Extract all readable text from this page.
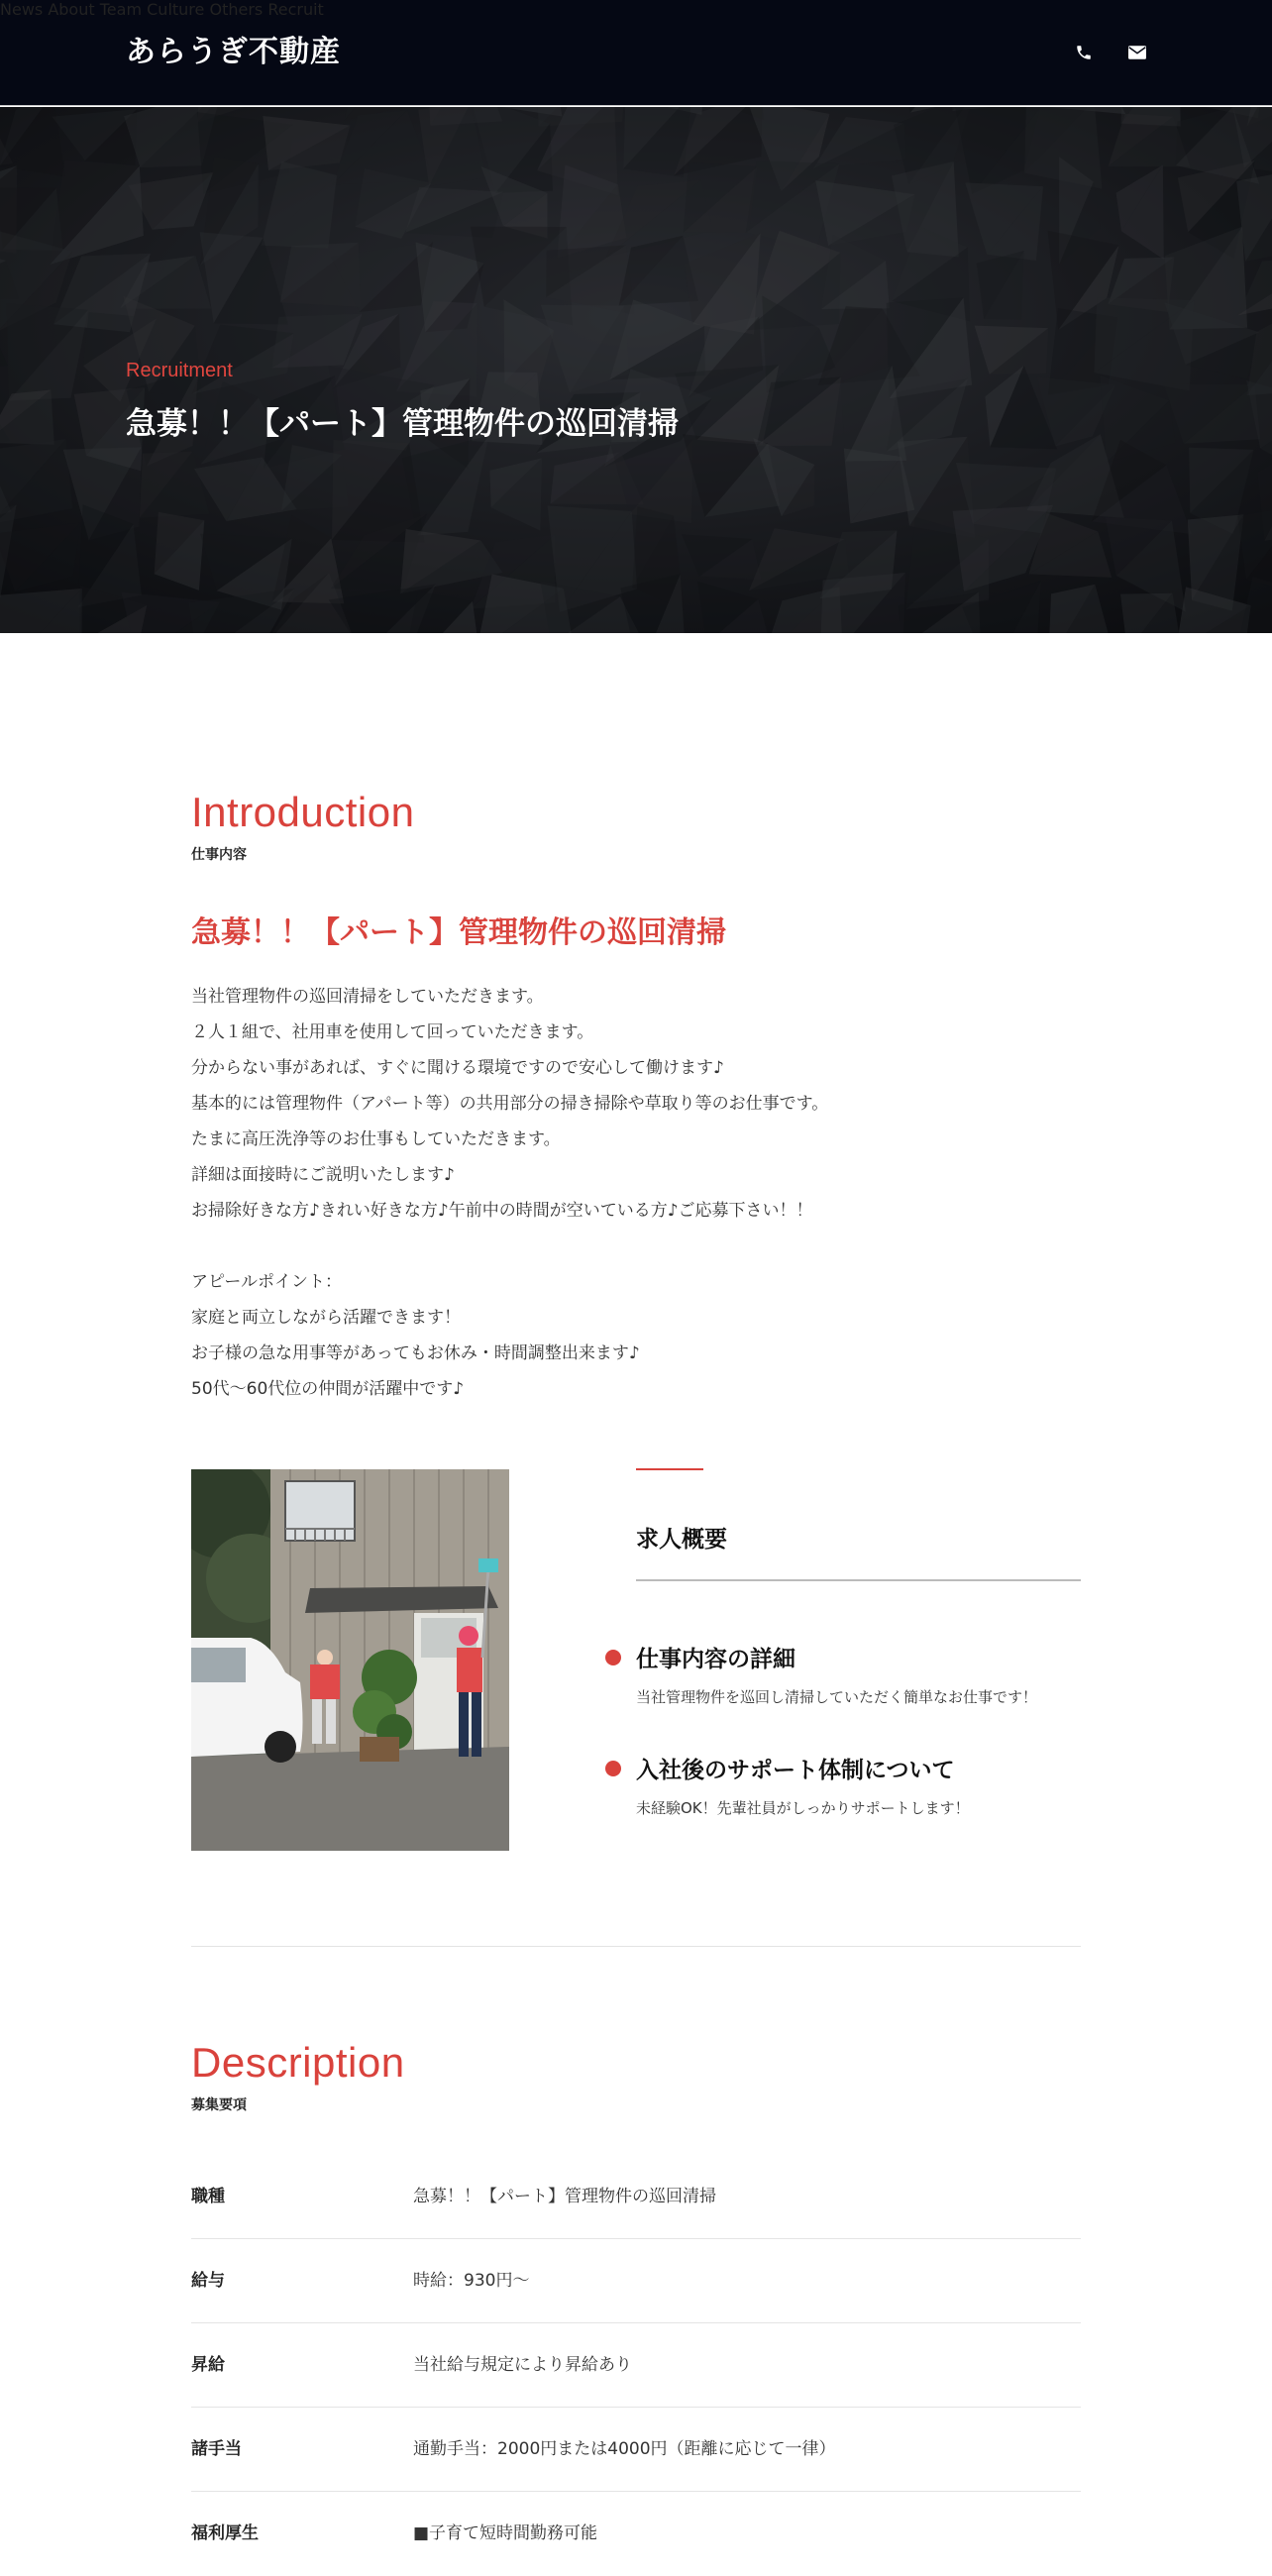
あらうぎ不動産
News About Team Culture Others Recruit
Recruitment
急募！！【パート】管理物件の巡回清掃
Introduction
仕事内容
急募！！【パート】管理物件の巡回清掃
当社管理物件の巡回清掃をしていただきます。
２人１組で、社用車を使用して回っていただきます。
分からない事があれば、すぐに聞ける環境ですので安心して働けます♪
基本的には管理物件（アパート等）の共用部分の掃き掃除や草取り等のお仕事です。
たまに高圧洗浄等のお仕事もしていただきます。
詳細は面接時にご説明いたします♪
お掃除好きな方♪きれい好きな方♪午前中の時間が空いている方♪ご応募下さい！！
アピールポイント：
家庭と両立しながら活躍できます！
お子様の急な用事等があってもお休み・時間調整出来ます♪
50代～60代位の仲間が活躍中です♪
求人概要
仕事内容の詳細
当社管理物件を巡回し清掃していただく簡単なお仕事です！
入社後のサポート体制について
未経験OK！先輩社員がしっかりサポートします！
Description
募集要項
職種	急募！！【パート】管理物件の巡回清掃
給与	時給：930円～
昇給	当社給与規定により昇給あり
諸手当	通勤手当：2000円または4000円（距離に応じて一律）
福利厚生	■子育て短時間勤務可能
